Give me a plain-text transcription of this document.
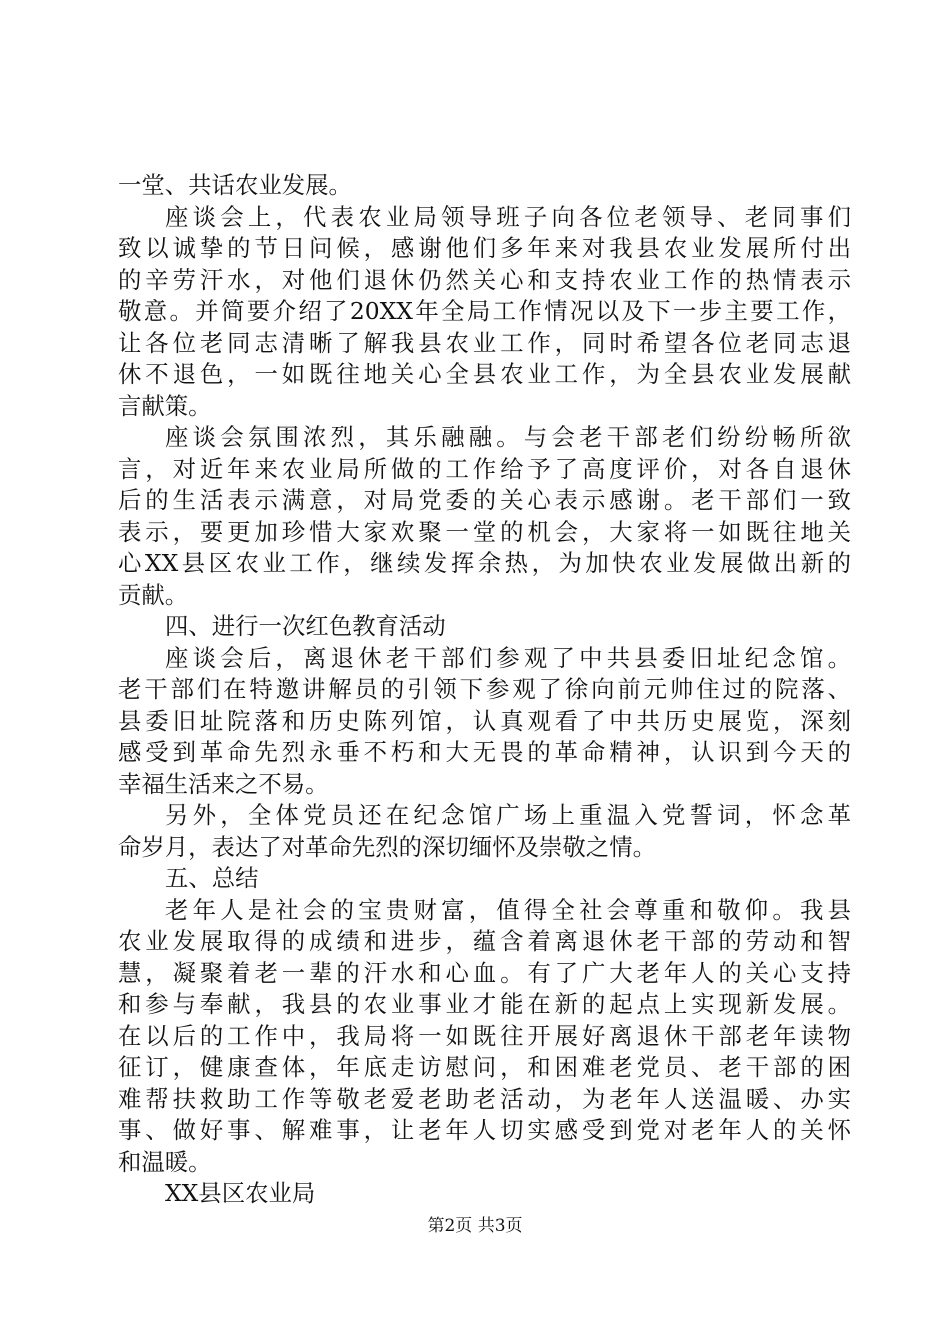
一堂、共话农业发展。
座谈会上，代表农业局领导班子向各位老领导、老同事们
致以诚挚的节日问候，感谢他们多年来对我县农业发展所付出
的辛劳汗水，对他们退休仍然关心和支持农业工作的热情表示
敬意。并简要介绍了20XX年全局工作情况以及下一步主要工作，
让各位老同志清晰了解我县农业工作，同时希望各位老同志退
休不退色，一如既往地关心全县农业工作，为全县农业发展献
言献策。
座谈会氛围浓烈，其乐融融。与会老干部老们纷纷畅所欲
言，对近年来农业局所做的工作给予了高度评价，对各自退休
后的生活表示满意，对局党委的关心表示感谢。老干部们一致
表示，要更加珍惜大家欢聚一堂的机会，大家将一如既往地关
心XX县区农业工作，继续发挥余热，为加快农业发展做出新的
贡献。
四、进行一次红色教育活动
座谈会后，离退休老干部们参观了中共县委旧址纪念馆。
老干部们在特邀讲解员的引领下参观了徐向前元帅住过的院落、
县委旧址院落和历史陈列馆，认真观看了中共历史展览，深刻
感受到革命先烈永垂不朽和大无畏的革命精神，认识到今天的
幸福生活来之不易。
另外，全体党员还在纪念馆广场上重温入党誓词，怀念革
命岁月，表达了对革命先烈的深切缅怀及崇敬之情。
五、总结
老年人是社会的宝贵财富，值得全社会尊重和敬仰。我县
农业发展取得的成绩和进步，蕴含着离退休老干部的劳动和智
慧，凝聚着老一辈的汗水和心血。有了广大老年人的关心支持
和参与奉献，我县的农业事业才能在新的起点上实现新发展。
在以后的工作中，我局将一如既往开展好离退休干部老年读物
征订，健康查体，年底走访慰问，和困难老党员、老干部的困
难帮扶救助工作等敬老爱老助老活动，为老年人送温暖、办实
事、做好事、解难事，让老年人切实感受到党对老年人的关怀
和温暖。
XX县区农业局
第2页 共3页
